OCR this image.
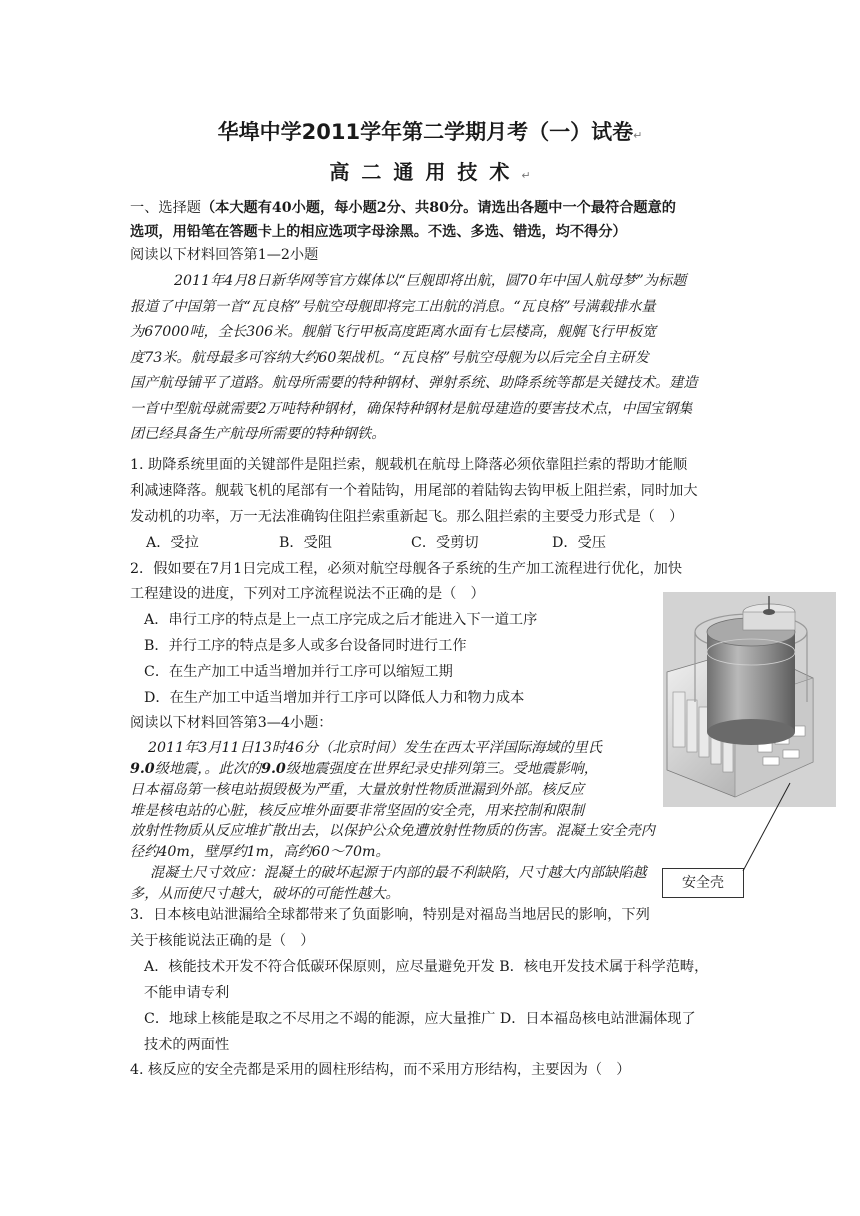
华埠中学2011学年第二学期月考（一）试卷↵
高二通用技术↵
一、选择题（本大题有40小题，每小题2分、共80分。请选出各题中一个最符合题意的
选项，用铅笔在答题卡上的相应选项字母涂黑。不选、多选、错选，均不得分）
阅读以下材料回答第1—2小题
2011年4月8日新华网等官方媒体以“巨舰即将出航，圆70年中国人航母梦”为标题
报道了中国第一首“瓦良格”号航空母舰即将完工出航的消息。“瓦良格”号满载排水量
为67000吨，全长306米。舰艏飞行甲板高度距离水面有七层楼高，舰艉飞行甲板宽
度73米。航母最多可容纳大约60架战机。“瓦良格”号航空母舰为以后完全自主研发
国产航母铺平了道路。航母所需要的特种钢材、弹射系统、助降系统等都是关键技术。建造
一首中型航母就需要2万吨特种钢材，确保特种钢材是航母建造的要害技术点，中国宝钢集
团已经具备生产航母所需要的特种钢铁。
1. 助降系统里面的关键部件是阻拦索，舰载机在航母上降落必须依靠阻拦索的帮助才能顺
利减速降落。舰载飞机的尾部有一个着陆钩，用尾部的着陆钩去钩甲板上阻拦索，同时加大
发动机的功率，万一无法准确钩住阻拦索重新起飞。那么阻拦索的主要受力形式是（　）
A．受拉	B．受阻	C．受剪切	D．受压
2．假如要在7月1日完成工程，必须对航空母舰各子系统的生产加工流程进行优化，加快
工程建设的进度，下列对工序流程说法不正确的是（　）
A．串行工序的特点是上一点工序完成之后才能进入下一道工序
B．并行工序的特点是多人或多台设备同时进行工作
C．在生产加工中适当增加并行工序可以缩短工期
D．在生产加工中适当增加并行工序可以降低人力和物力成本
阅读以下材料回答第3—4小题：
2011年3月11日13时46分（北京时间）发生在西太平洋国际海域的里氏
9.0级地震，。此次的9.0级地震强度在世界纪录史排列第三。受地震影响，
日本福岛第一核电站损毁极为严重，大量放射性物质泄漏到外部。核反应
堆是核电站的心脏，核反应堆外面要非常坚固的安全壳，用来控制和限制
放射性物质从反应堆扩散出去，以保护公众免遭放射性物质的伤害。混凝土安全壳内
径约40m，壁厚约1m，高约60～70m。
混凝土尺寸效应：混凝土的破坏起源于内部的最不利缺陷，尺寸越大内部缺陷越
多，从而使尺寸越大，破坏的可能性越大。
安全壳
3．日本核电站泄漏给全球都带来了负面影响，特别是对福岛当地居民的影响，下列
关于核能说法正确的是（　）
A．核能技术开发不符合低碳环保原则，应尽量避免开发 B．核电开发技术属于科学范畴，
不能申请专利
C．地球上核能是取之不尽用之不竭的能源，应大量推广 D．日本福岛核电站泄漏体现了
技术的两面性
4. 核反应的安全壳都是采用的圆柱形结构，而不采用方形结构，主要因为（　）
